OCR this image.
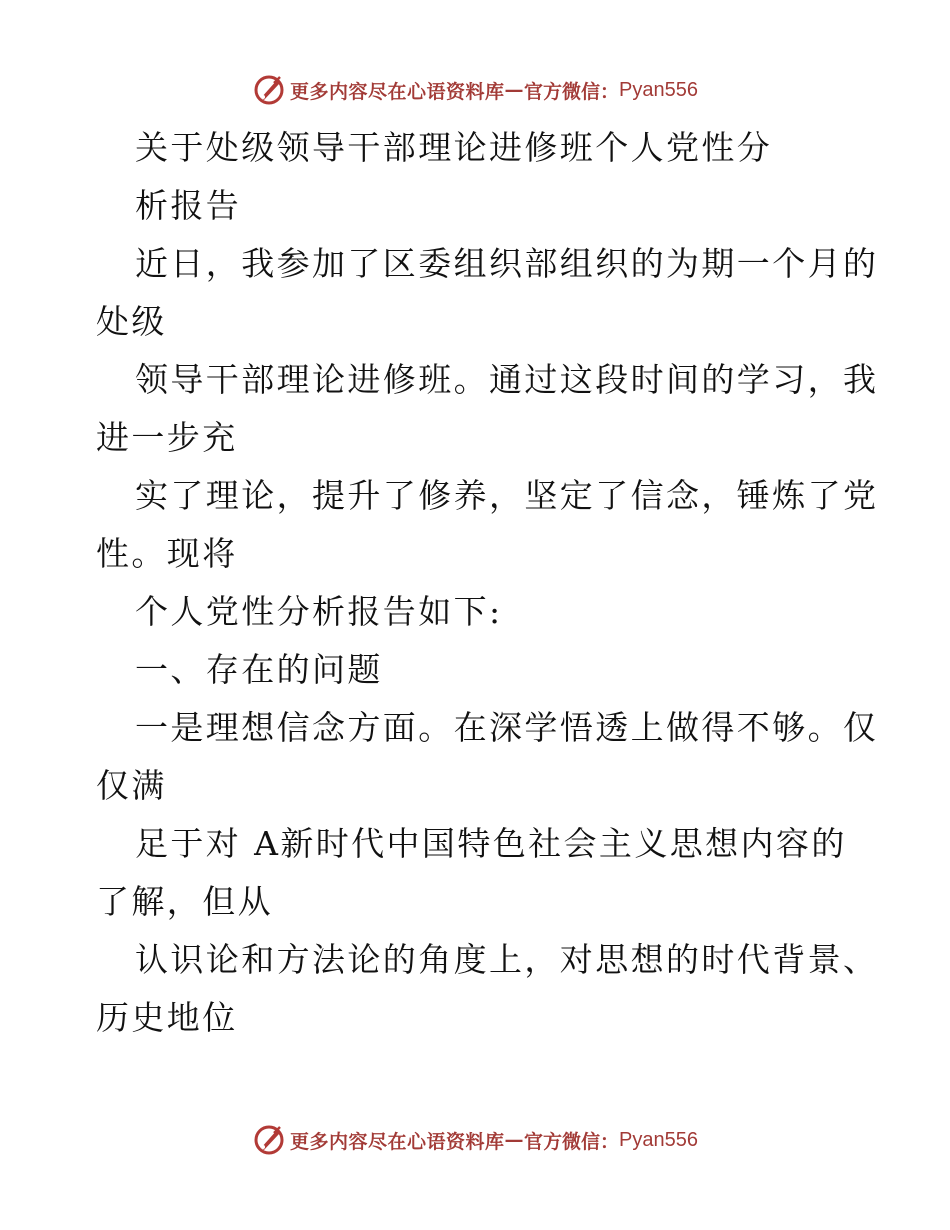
更多内容尽在心语资料库 — 官方微信： Pyan556
关于处级领导干部理论进修班个人党性分
析报告
近日，我参加了区委组织部组织的为期一个月的
处级
领导干部理论进修班。通过这段时间的学习，我
进一步充
实了理论，提升了修养，坚定了信念，锤炼了党
性。现将
个人党性分析报告如下:
一、存在的问题
一是理想信念方面。在深学悟透上做得不够。仅
仅满
足于对 A新时代中国特色社会主义思想内容的
了解，但从
认识论和方法论的角度上，对思想的时代背景、
历史地位
更多内容尽在心语资料库 — 官方微信： Pyan556
